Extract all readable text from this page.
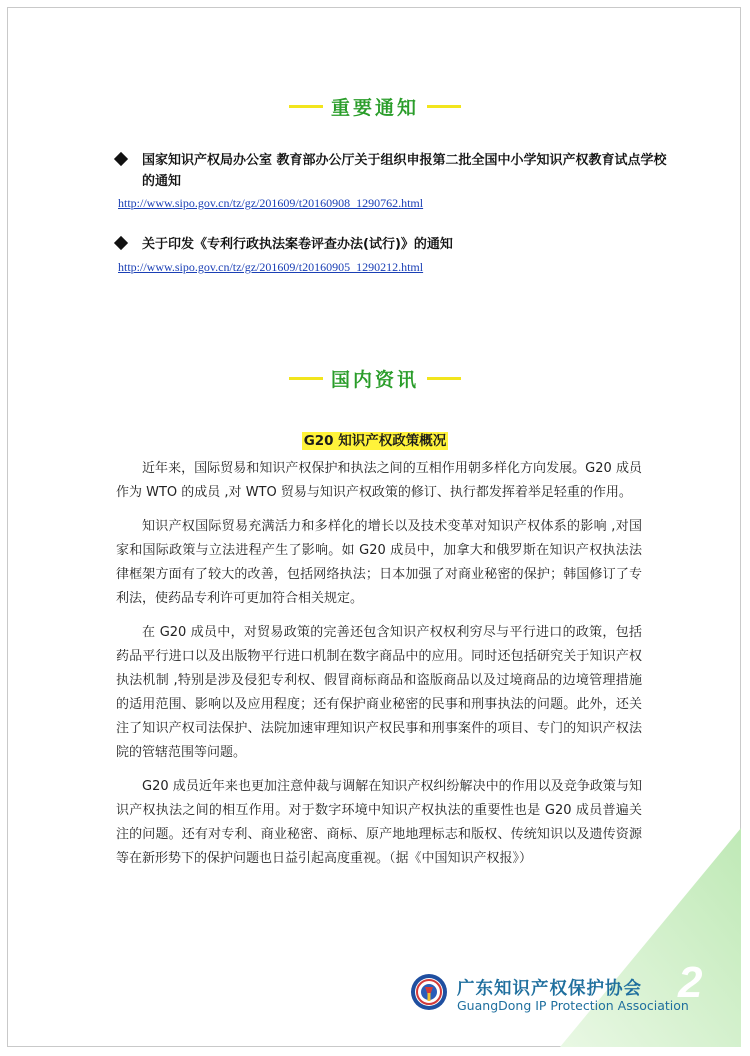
重要通知
国家知识产权局办公室 教育部办公厅关于组织申报第二批全国中小学知识产权教育试点学校的通知
http://www.sipo.gov.cn/tz/gz/201609/t20160908_1290762.html
关于印发《专利行政执法案卷评查办法(试行)》的通知
http://www.sipo.gov.cn/tz/gz/201609/t20160905_1290212.html
国内资讯
G20 知识产权政策概况

近年来，国际贸易和知识产权保护和执法之间的互相作用朝多样化方向发展。G20 成员作为 WTO 的成员 ,对 WTO 贸易与知识产权政策的修订、执行都发挥着举足轻重的作用。

知识产权国际贸易充满活力和多样化的增长以及技术变革对知识产权体系的影响 ,对国家和国际政策与立法进程产生了影响。如 G20 成员中，加拿大和俄罗斯在知识产权执法法律框架方面有了较大的改善，包括网络执法；日本加强了对商业秘密的保护；韩国修订了专利法，使药品专利许可更加符合相关规定。

在 G20 成员中，对贸易政策的完善还包含知识产权权利穷尽与平行进口的政策，包括药品平行进口以及出版物平行进口机制在数字商品中的应用。同时还包括研究关于知识产权执法机制 ,特别是涉及侵犯专利权、假冒商标商品和盗版商品以及过境商品的边境管理措施的适用范围、影响以及应用程度；还有保护商业秘密的民事和刑事执法的问题。此外，还关注了知识产权司法保护、法院加速审理知识产权民事和刑事案件的项目、专门的知识产权法院的管辖范围等问题。

G20 成员近年来也更加注意仲裁与调解在知识产权纠纷解决中的作用以及竞争政策与知识产权执法之间的相互作用。对于数字环境中知识产权执法的重要性也是 G20 成员普遍关注的问题。还有对专利、商业秘密、商标、原产地地理标志和版权、传统知识以及遗传资源等在新形势下的保护问题也日益引起高度重视。（据《中国知识产权报》）

广东知识产权保护协会
GuangDong IP Protection Association
2
